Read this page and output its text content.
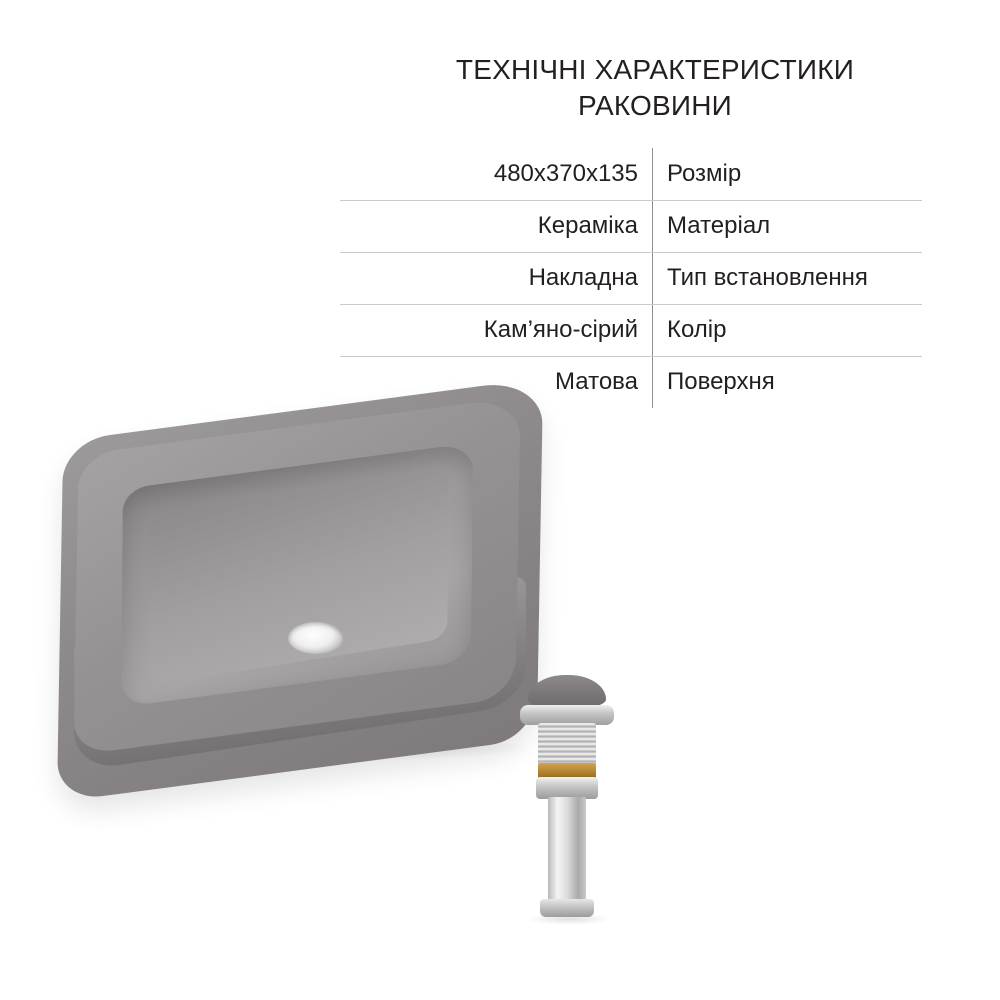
ТЕХНІЧНІ ХАРАКТЕРИСТИКИ
РАКОВИНИ
480x370x135	Розмір
Кераміка	Матеріал
Накладна	Тип встановлення
Кам’яно-сірий	Колір
Матова	Поверхня
